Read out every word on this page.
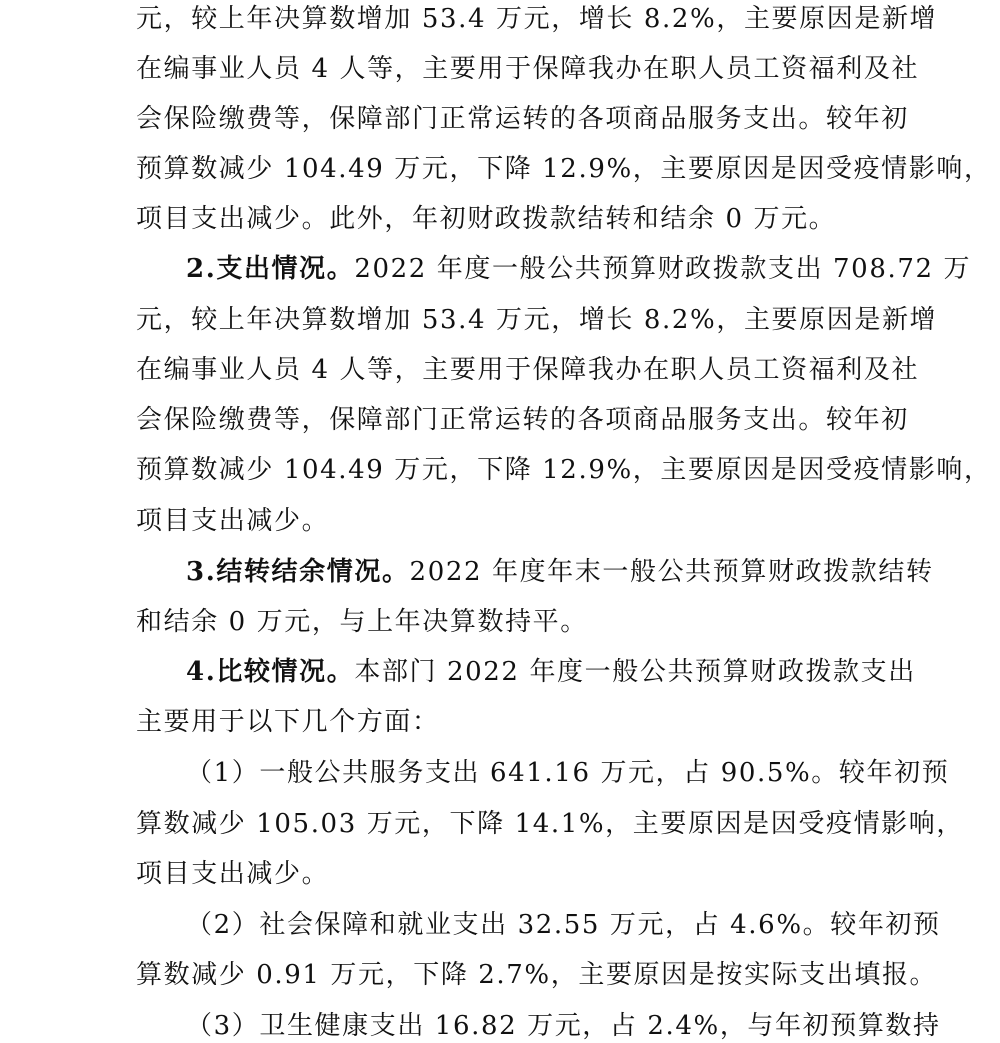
元，较上年决算数增加 53.4 万元，增长 8.2%，主要原因是新增
在编事业人员 4 人等，主要用于保障我办在职人员工资福利及社
会保险缴费等，保障部门正常运转的各项商品服务支出。较年初
预算数减少 104.49 万元，下降 12.9%，主要原因是因受疫情影响，
项目支出减少。此外，年初财政拨款结转和结余 0 万元。
2.支出情况。2022 年度一般公共预算财政拨款支出 708.72 万
元，较上年决算数增加 53.4 万元，增长 8.2%，主要原因是新增
在编事业人员 4 人等，主要用于保障我办在职人员工资福利及社
会保险缴费等，保障部门正常运转的各项商品服务支出。较年初
预算数减少 104.49 万元，下降 12.9%，主要原因是因受疫情影响，
项目支出减少。
3.结转结余情况。2022 年度年末一般公共预算财政拨款结转
和结余 0 万元，与上年决算数持平。
4.比较情况。本部门 2022 年度一般公共预算财政拨款支出
主要用于以下几个方面：
（1）一般公共服务支出 641.16 万元，占 90.5%。较年初预
算数减少 105.03 万元，下降 14.1%，主要原因是因受疫情影响，
项目支出减少。
（2）社会保障和就业支出 32.55 万元，占 4.6%。较年初预
算数减少 0.91 万元，下降 2.7%，主要原因是按实际支出填报。
（3）卫生健康支出 16.82 万元，占 2.4%，与年初预算数持
